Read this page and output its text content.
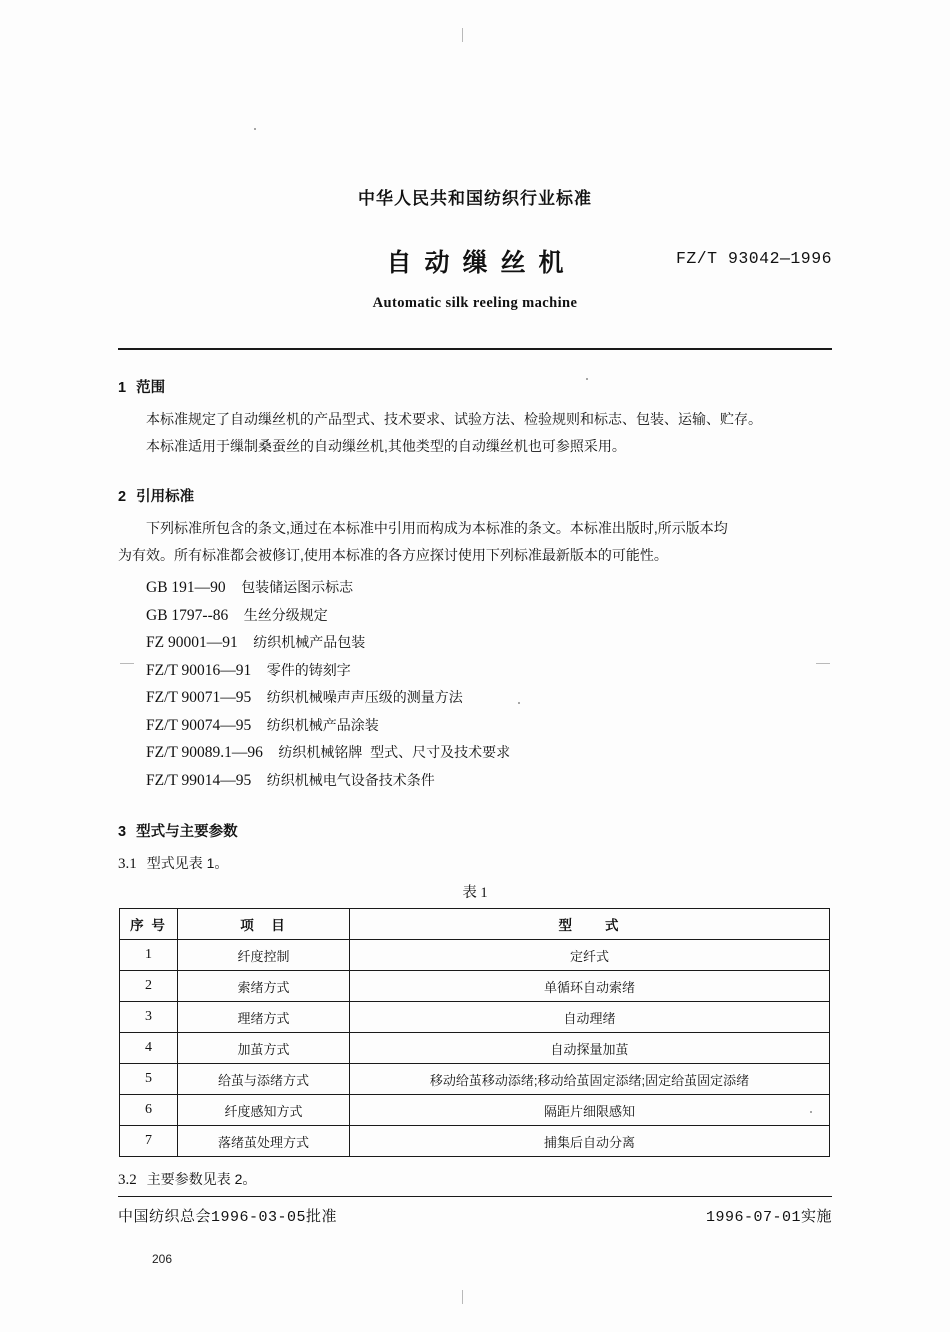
中华人民共和国纺织行业标准
自动缫丝机	FZ/T 93042—1996
Automatic silk reeling machine
1 范围

本标准规定了自动缫丝机的产品型式、技术要求、试验方法、检验规则和标志、包装、运输、贮存。

本标准适用于缫制桑蚕丝的自动缫丝机,其他类型的自动缫丝机也可参照采用。

2 引用标准

下列标准所包含的条文,通过在本标准中引用而构成为本标准的条文。本标准出版时,所示版本均

为有效。所有标准都会被修订,使用本标准的各方应探讨使用下列标准最新版本的可能性。

GB 191—90　 包装储运图示标志
GB 1797--86　 生丝分级规定
FZ 90001—91　 纺织机械产品包装
FZ/T 90016—91　 零件的铸刻字
FZ/T 90071—95　 纺织机械噪声声压级的测量方法
FZ/T 90074—95　 纺织机械产品涂装
FZ/T 90089.1—96　 纺织机械铭牌  型式、尺寸及技术要求
FZ/T 99014—95　 纺织机械电气设备技术条件
3 型式与主要参数
3.1 型式见表 1。
表 1
序 号	项　目	型　　式
1	纤度控制	定纤式
2	索绪方式	单循环自动索绪
3	理绪方式	自动理绪
4	加茧方式	自动探量加茧
5	给茧与添绪方式	移动给茧移动添绪;移动给茧固定添绪;固定给茧固定添绪
6	纤度感知方式	隔距片细限感知
7	落绪茧处理方式	捕集后自动分离
3.2 主要参数见表 2。
中国纺织总会1996-03-05批准	1996-07-01实施
206
